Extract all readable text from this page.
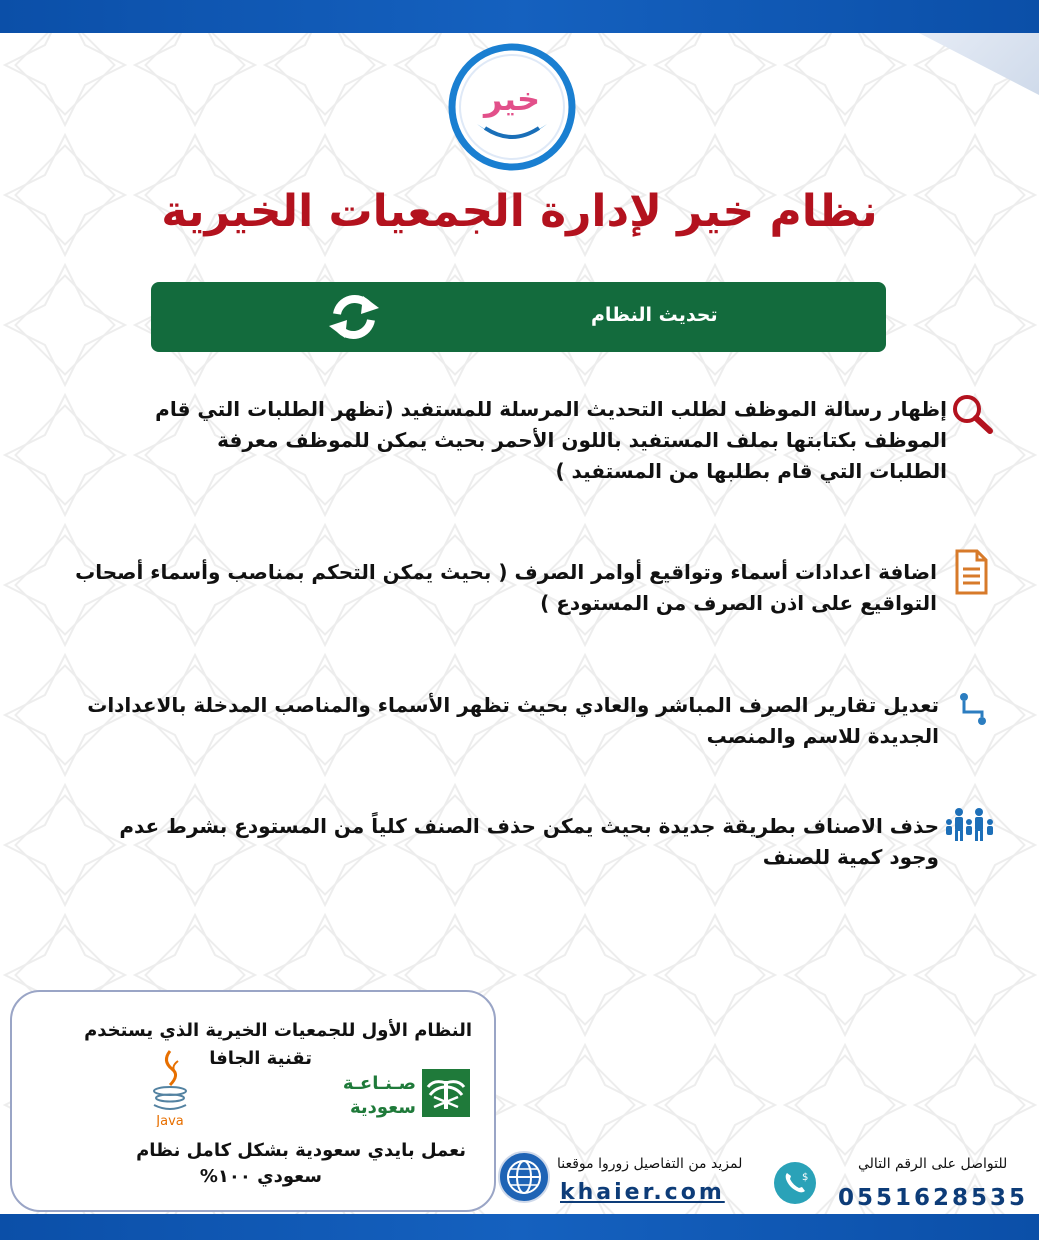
خير
نظام خير لإدارة الجمعيات الخيرية
تحديث النظام
إظهار رسالة الموظف لطلب التحديث المرسلة للمستفيد (تظهر الطلبات التي قام
الموظف بكتابتها بملف المستفيد باللون الأحمر بحيث يمكن للموظف معرفة
الطلبات التي قام بطلبها من المستفيد )
اضافة اعدادات أسماء وتواقيع أوامر الصرف ( بحيث يمكن التحكم بمناصب وأسماء أصحاب
التواقيع على اذن الصرف من المستودع )
تعديل تقارير الصرف المباشر والعادي بحيث تظهر الأسماء والمناصب المدخلة بالاعدادات
الجديدة للاسم والمنصب
حذف الاصناف بطريقة جديدة بحيث يمكن حذف الصنف كلياً من المستودع بشرط عدم
وجود كمية للصنف
النظام الأول للجمعيات الخيرية الذي يستخدم
تقنية الجافا
Java
صـنـاعـة
سعودية
نعمل بايدي سعودية بشكل كامل نظام
سعودي ١٠٠%
لمزيد من التفاصيل زوروا موقعنا
khaier.com
$
للتواصل على الرقم التالي
0551628535
